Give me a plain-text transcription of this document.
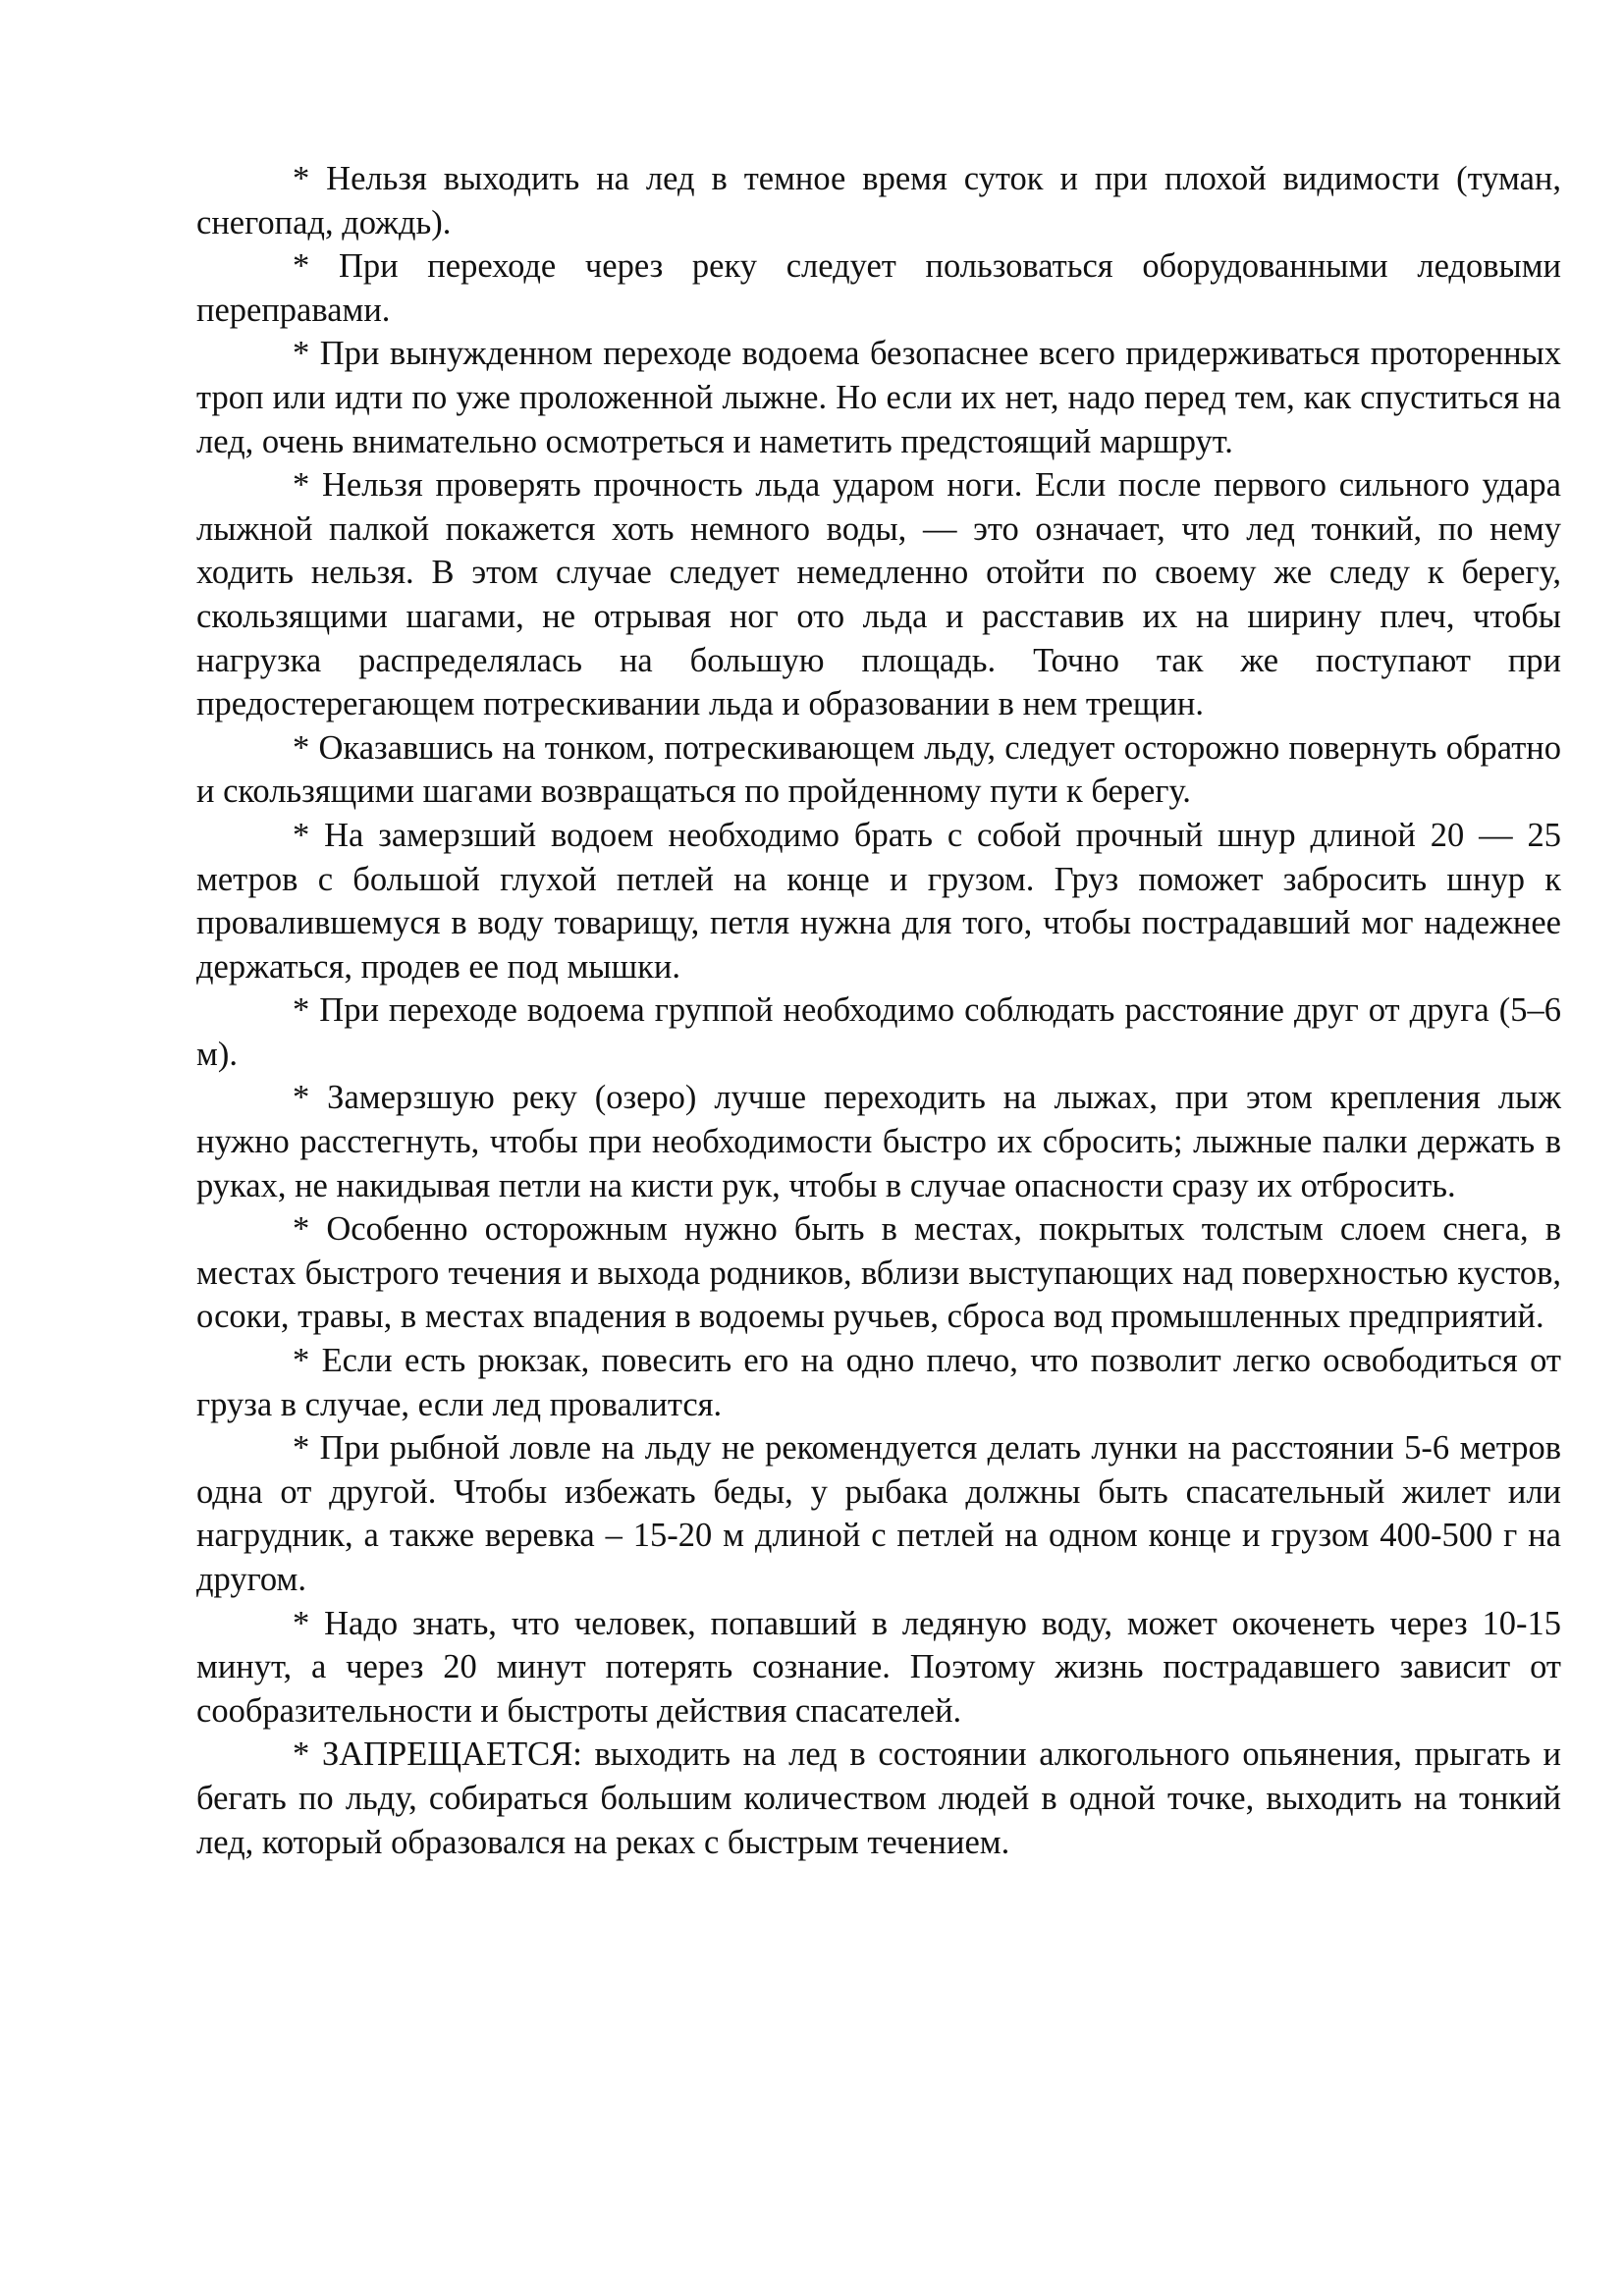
* Нельзя выходить на лед в темное время суток и при плохой видимости (туман, снегопад, дождь).

* При переходе через реку следует пользоваться оборудованными ледовыми переправами.

* При вынужденном переходе водоема безопаснее всего придерживаться проторенных троп или идти по уже проложенной лыжне. Но если их нет, надо перед тем, как спуститься на лед, очень внимательно осмотреться и наметить предстоящий маршрут.

* Нельзя проверять прочность льда ударом ноги. Если после первого сильного удара лыжной палкой покажется хоть немного воды, — это означает, что лед тонкий, по нему ходить нельзя. В этом случае следует немедленно отойти по своему же следу к берегу, скользящими шагами, не отрывая ног ото льда и расставив их на ширину плеч, чтобы нагрузка распределялась на большую площадь. Точно так же поступают при предостерегающем потрескивании льда и образовании в нем трещин.

* Оказавшись на тонком, потрескивающем льду, следует осторожно повернуть обратно и скользящими шагами возвращаться по пройденному пути к берегу.

* На замерзший водоем необходимо брать с собой прочный шнур длиной 20 — 25 метров с большой глухой петлей на конце и грузом. Груз поможет забросить шнур к провалившемуся в воду товарищу, петля нужна для того, чтобы пострадавший мог надежнее держаться, продев ее под мышки.

* При переходе водоема группой необходимо соблюдать расстояние друг от друга (5–6 м).

* Замерзшую реку (озеро) лучше переходить на лыжах, при этом крепления лыж нужно расстегнуть, чтобы при необходимости быстро их сбросить; лыжные палки держать в руках, не накидывая петли на кисти рук, чтобы в случае опасности сразу их отбросить.

* Особенно осторожным нужно быть в местах, покрытых толстым слоем снега, в местах быстрого течения и выхода родников, вблизи выступающих над поверхностью кустов, осоки, травы, в местах впадения в водоемы ручьев, сброса вод промышленных предприятий.

* Если есть рюкзак, повесить его на одно плечо, что позволит легко освободиться от груза в случае, если лед провалится.

* При рыбной ловле на льду не рекомендуется делать лунки на расстоянии 5-6 метров одна от другой. Чтобы избежать беды, у рыбака должны быть спасательный жилет или нагрудник, а также веревка – 15-20 м длиной с петлей на одном конце и грузом 400-500 г на другом.

* Надо знать, что человек, попавший в ледяную воду, может окоченеть через 10-15 минут, а через 20 минут потерять сознание. Поэтому жизнь пострадавшего зависит от сообразительности и быстроты действия спасателей.

* ЗАПРЕЩАЕТСЯ: выходить на лед в состоянии алкогольного опьянения, прыгать и бегать по льду, собираться большим количеством людей в одной точке, выходить на тонкий лед, который образовался на реках с быстрым течением.
